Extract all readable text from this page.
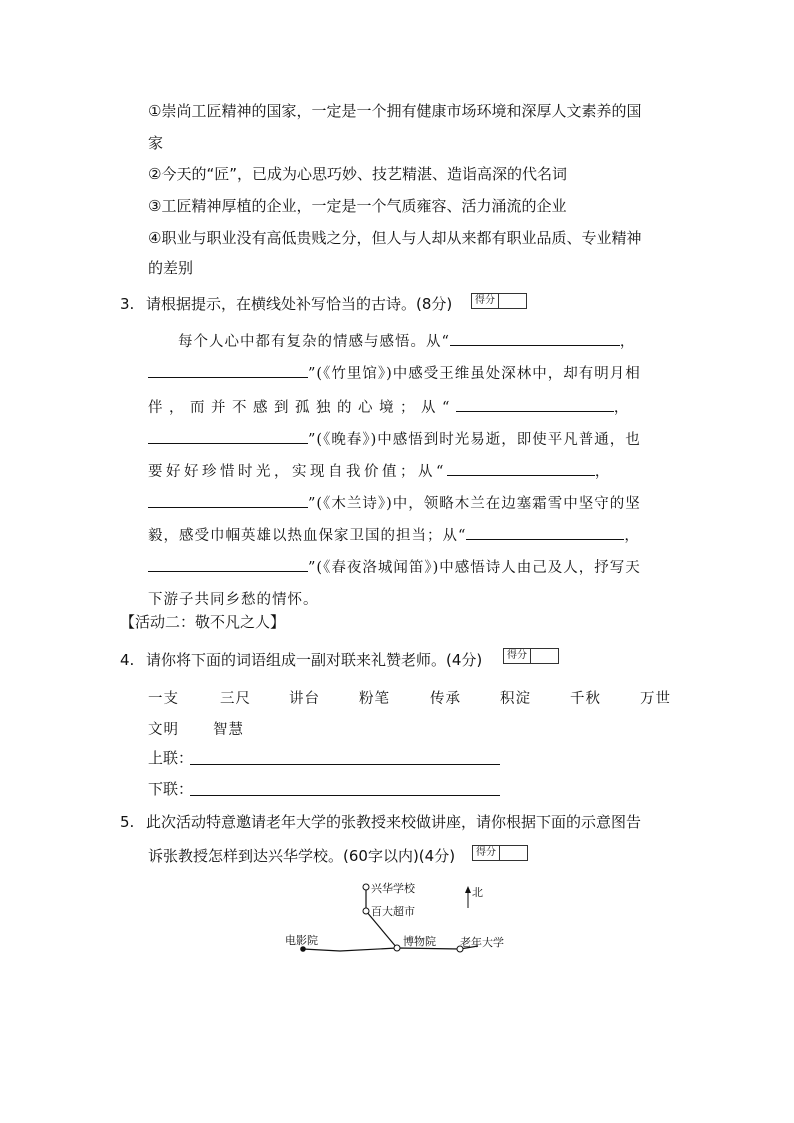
①崇尚工匠精神的国家，一定是一个拥有健康市场环境和深厚人文素养的国
家
②今天的“匠”，已成为心思巧妙、技艺精湛、造诣高深的代名词
③工匠精神厚植的企业，一定是一个气质雍容、活力涌流的企业
④职业与职业没有高低贵贱之分，但人与人却从来都有职业品质、专业精神
的差别
3. 请根据提示，在横线处补写恰当的古诗。(8分)	得分
每个人心中都有复杂的情感与感悟。从“	，
”(《竹里馆》)中感受王维虽处深林中，却有明月相
伴，而并不感到孤独的心境；从“	，
”(《晚春》)中感悟到时光易逝，即使平凡普通，也
要好好珍惜时光，实现自我价值；从“	，
”(《木兰诗》)中，领略木兰在边塞霜雪中坚守的坚
毅，感受巾帼英雄以热血保家卫国的担当；从“	，
”(《春夜洛城闻笛》)中感悟诗人由己及人，抒写天
下游子共同乡愁的情怀。
【活动二：敬不凡之人】
4. 请你将下面的词语组成一副对联来礼赞老师。(4分)	得分
一支	三尺	讲台	粉笔	传承	积淀	千秋	万世
文明 智慧
上联：
下联：
5. 此次活动特意邀请老年大学的张教授来校做讲座，请你根据下面的示意图告
诉张教授怎样到达兴华学校。(60字以内)(4分)	得分
兴华学校
百大超市
北
电影院	博物院 老年大学
